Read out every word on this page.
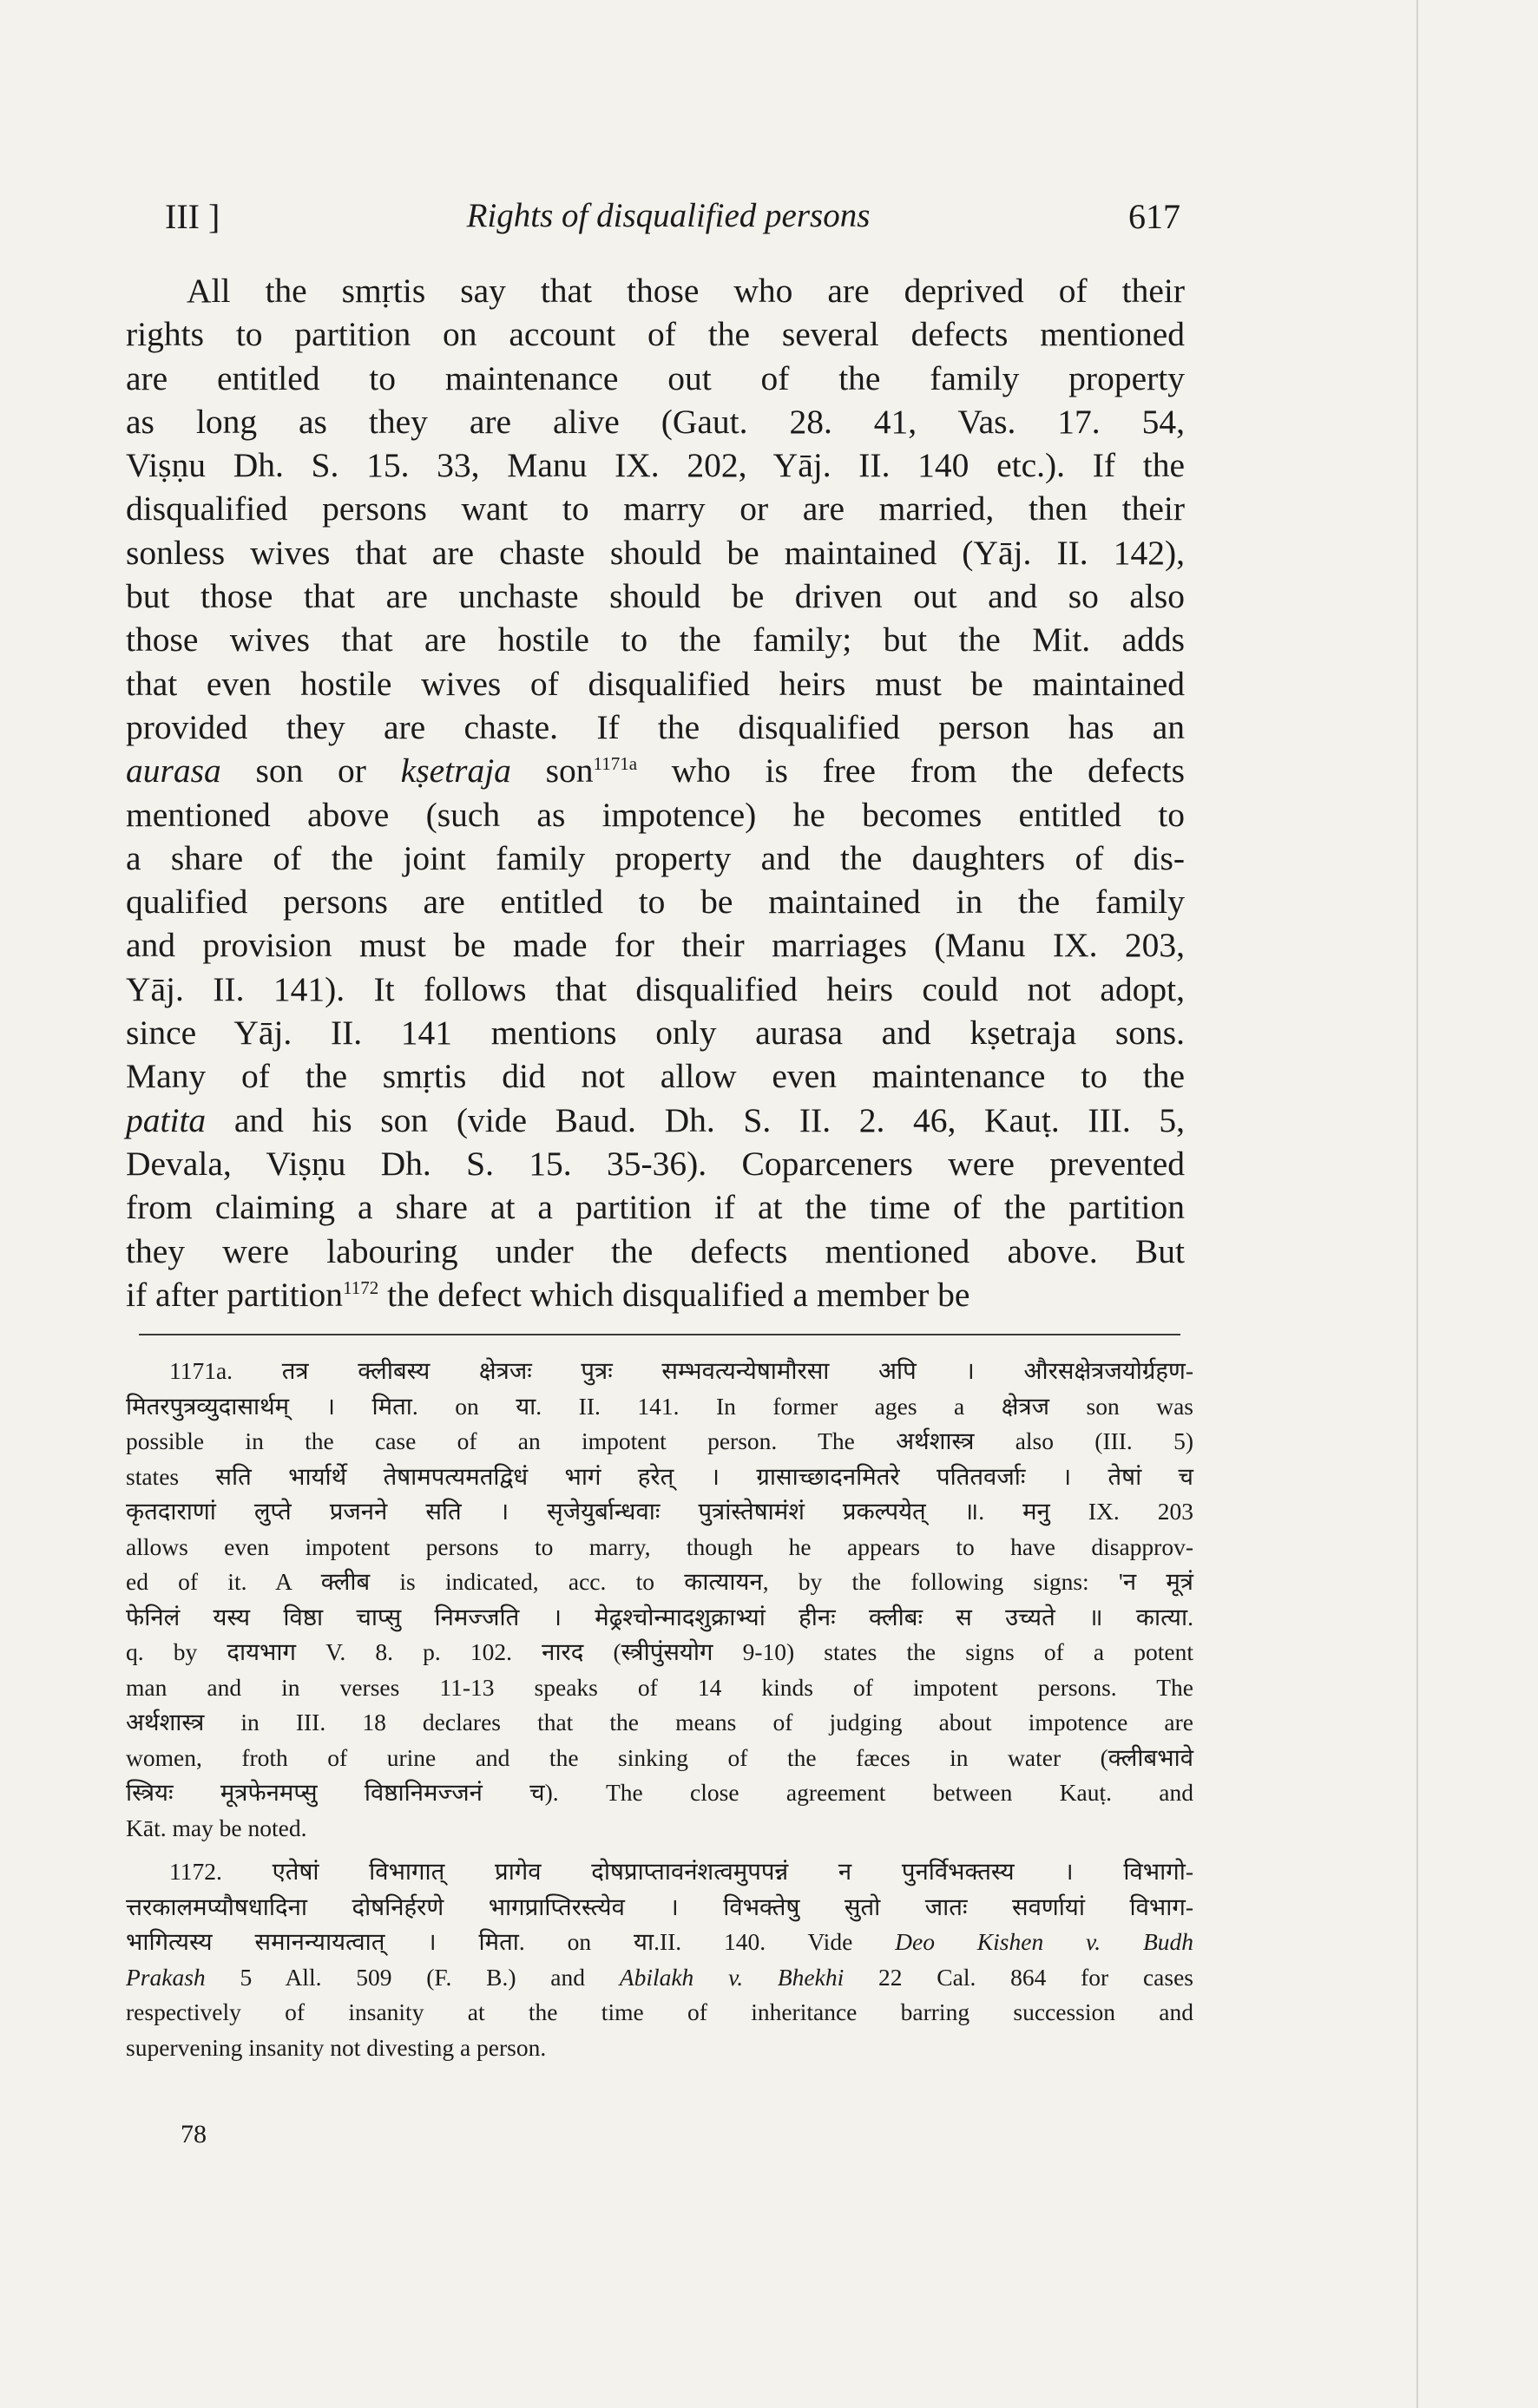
III ]	Rights of disqualified persons	617
All the smṛtis say that those who are deprived of their
rights to partition on account of the several defects mentioned
are entitled to maintenance out of the family property
as long as they are alive (Gaut. 28. 41, Vas. 17. 54,
Viṣṇu Dh. S. 15. 33, Manu IX. 202, Yāj. II. 140 etc.). If the
disqualified persons want to marry or are married, then their
sonless wives that are chaste should be maintained (Yāj. II. 142),
but those that are unchaste should be driven out and so also
those wives that are hostile to the family; but the Mit. adds
that even hostile wives of disqualified heirs must be maintained
provided they are chaste. If the disqualified person has an
aurasa son or kṣetraja son$^{1171a}$ who is free from the defects
mentioned above (such as impotence) he becomes entitled to
a share of the joint family property and the daughters of dis-
qualified persons are entitled to be maintained in the family
and provision must be made for their marriages (Manu IX. 203,
Yāj. II. 141). It follows that disqualified heirs could not adopt,
since Yāj. II. 141 mentions only aurasa and kṣetraja sons.
Many of the smṛtis did not allow even maintenance to the
patita and his son (vide Baud. Dh. S. II. 2. 46, Kauṭ. III. 5,
Devala, Viṣṇu Dh. S. 15. 35-36). Coparceners were prevented
from claiming a share at a partition if at the time of the partition
they were labouring under the defects mentioned above. But
if after partition$^{1172}$ the defect which disqualified a member be
1171a. तत्र क्लीबस्य क्षेत्रजः पुत्रः सम्भवत्यन्येषामौरसा अपि । औरसक्षेत्रजयोर्ग्रहण-
मितरपुत्रव्युदासार्थम् । मिता. on या. II. 141. In former ages a क्षेत्रज son was
possible in the case of an impotent person. The अर्थशास्त्र also (III. 5)
states सति भार्यार्थे तेषामपत्यमतद्विधं भागं हरेत् । ग्रासाच्छादनमितरे पतितवर्जाः । तेषां च
कृतदाराणां लुप्ते प्रजनने सति । सृजेयुर्बान्धवाः पुत्रांस्तेषामंशं प्रकल्पयेत् ॥. मनु IX. 203
allows even impotent persons to marry, though he appears to have disapprov-
ed of it. A क्लीब is indicated, acc. to कात्यायन, by the following signs: 'न मूत्रं
फेनिलं यस्य विष्ठा चाप्सु निमज्जति । मेढ्रश्चोन्मादशुक्राभ्यां हीनः क्लीबः स उच्यते ॥ कात्या.
q. by दायभाग V. 8. p. 102. नारद (स्त्रीपुंसयोग 9-10) states the signs of a potent
man and in verses 11-13 speaks of 14 kinds of impotent persons. The
अर्थशास्त्र in III. 18 declares that the means of judging about impotence are
women, froth of urine and the sinking of the fæces in water (क्लीबभावे
स्त्रियः मूत्रफेनमप्सु विष्ठानिमज्जनं च). The close agreement between Kauṭ. and
Kāt. may be noted.
1172. एतेषां विभागात् प्रागेव दोषप्राप्तावनंशत्वमुपपन्नं न पुनर्विभक्तस्य । विभागो-
त्तरकालमप्यौषधादिना दोषनिर्हरणे भागप्राप्तिरस्त्येव । विभक्तेषु सुतो जातः सवर्णायां विभाग-
भागित्यस्य समानन्यायत्वात् । मिता. on या.II. 140. Vide Deo Kishen v. Budh
Prakash 5 All. 509 (F. B.) and Abilakh v. Bhekhi 22 Cal. 864 for cases
respectively of insanity at the time of inheritance barring succession and
supervening insanity not divesting a person.
78
